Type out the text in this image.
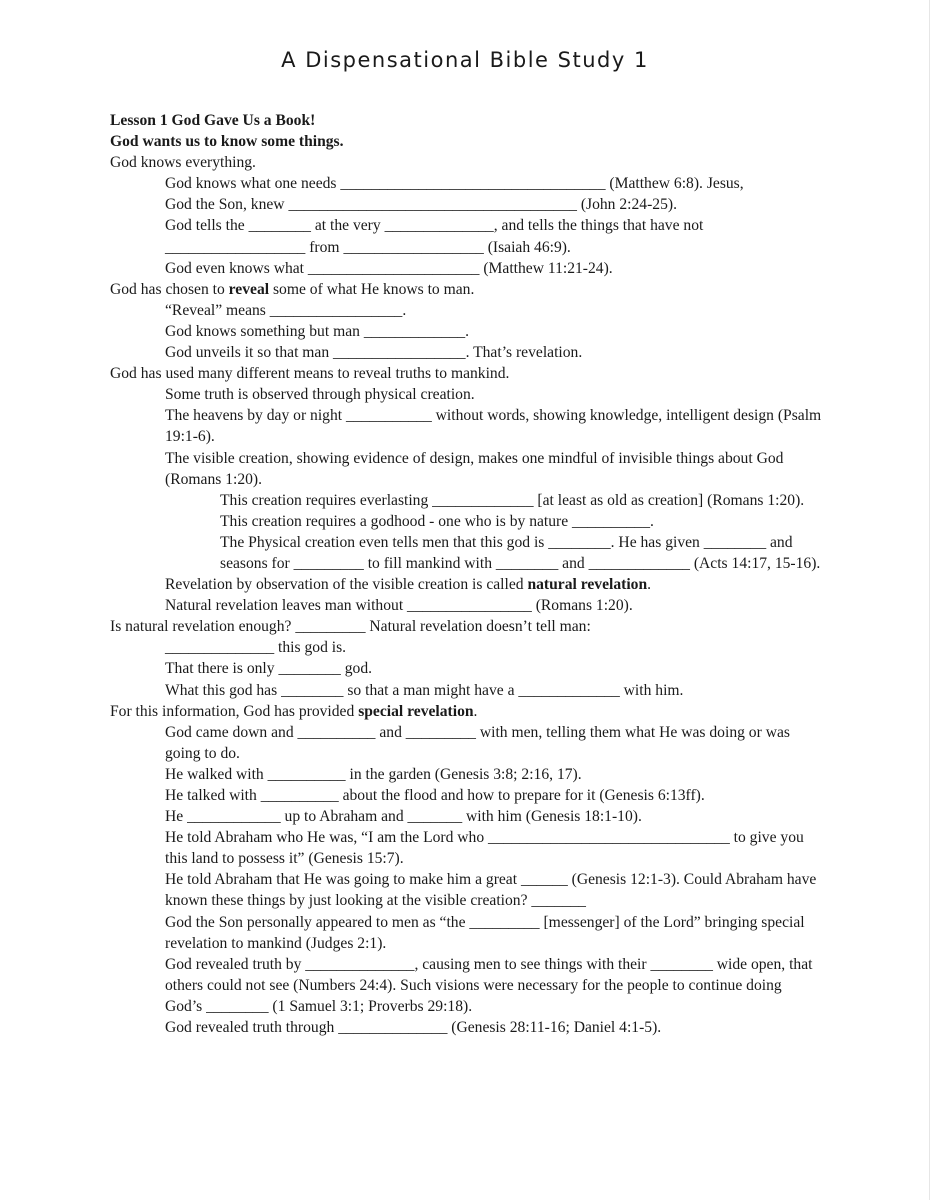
A Dispensational Bible Study 1
Lesson 1 God Gave Us a Book!
God wants us to know some things.
God knows everything.
God knows what one needs __________________________________ (Matthew 6:8). Jesus,
God the Son, knew _____________________________________ (John 2:24-25).
God tells the ________ at the very ______________, and tells the things that have not
__________________ from __________________ (Isaiah 46:9).
God even knows what ______________________ (Matthew 11:21-24).
God has chosen to reveal some of what He knows to man.
“Reveal” means _________________.
God knows something but man _____________.
God unveils it so that man _________________. That’s revelation.
God has used many different means to reveal truths to mankind.
Some truth is observed through physical creation.
The heavens by day or night ___________ without words, showing knowledge, intelligent design (Psalm 19:1-6).
The visible creation, showing evidence of design, makes one mindful of invisible things about God (Romans 1:20).
This creation requires everlasting _____________ [at least as old as creation] (Romans 1:20).
This creation requires a godhood - one who is by nature __________.
The Physical creation even tells men that this god is ________. He has given ________ and seasons for _________ to fill mankind with ________ and _____________ (Acts 14:17, 15-16).
Revelation by observation of the visible creation is called natural revelation.
Natural revelation leaves man without ________________ (Romans 1:20).
Is natural revelation enough? _________ Natural revelation doesn’t tell man:
______________ this god is.
That there is only ________ god.
What this god has ________ so that a man might have a _____________ with him.
For this information, God has provided special revelation.
God came down and __________ and _________ with men, telling them what He was doing or was going to do.
He walked with __________ in the garden (Genesis 3:8; 2:16, 17).
He talked with __________ about the flood and how to prepare for it (Genesis 6:13ff).
He ____________ up to Abraham and _______ with him (Genesis 18:1-10).
He told Abraham who He was, “I am the Lord who _______________________________ to give you this land to possess it” (Genesis 15:7).
He told Abraham that He was going to make him a great ______ (Genesis 12:1-3). Could Abraham have known these things by just looking at the visible creation? _______
God the Son personally appeared to men as “the _________ [messenger] of the Lord” bringing special revelation to mankind (Judges 2:1).
God revealed truth by ______________, causing men to see things with their ________ wide open, that others could not see (Numbers 24:4). Such visions were necessary for the people to continue doing God’s ________ (1 Samuel 3:1; Proverbs 29:18).
God revealed truth through ______________ (Genesis 28:11-16; Daniel 4:1-5).
